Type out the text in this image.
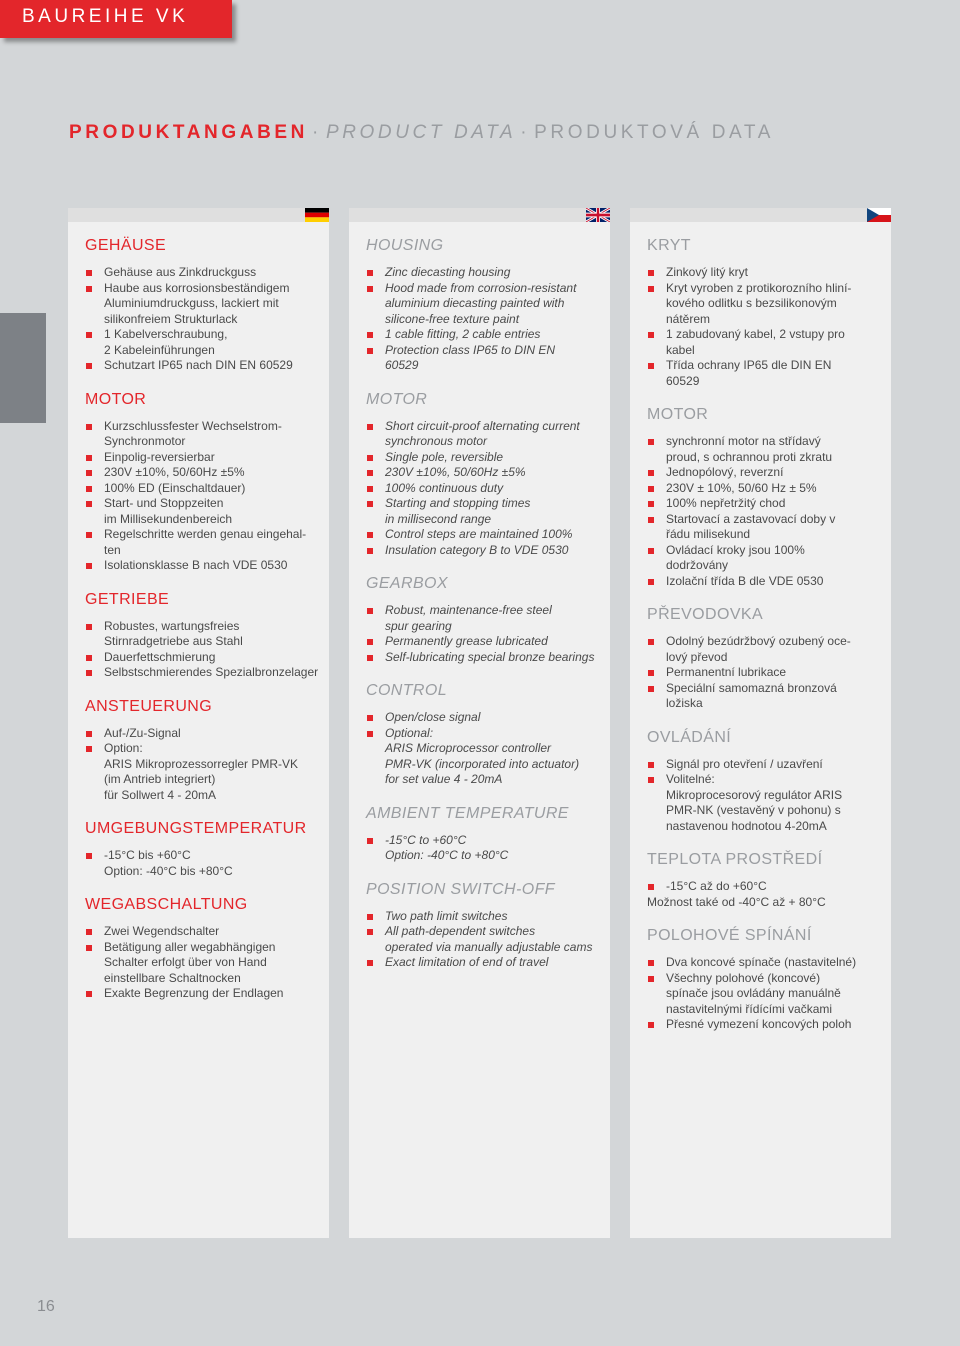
BAUREIHE VK
PRODUKTANGABEN · PRODUCT DATA · PRODUKTOVÁ DATA
GEHÄUSE
Gehäuse aus Zinkdruckguss
Haube aus korrosionsbeständigem
Aluminiumdruckguss, lackiert mit
silikonfreiem Strukturlack
1 Kabelverschraubung,
2 Kabeleinführungen
Schutzart IP65 nach DIN EN 60529
MOTOR
Kurzschlussfester Wechselstrom-
Synchronmotor
Einpolig-reversierbar
230V ±10%, 50/60Hz ±5%
100% ED (Einschaltdauer)
Start- und Stoppzeiten
im Millisekundenbereich
Regelschritte werden genau eingehal-
ten
Isolationsklasse B nach VDE 0530
GETRIEBE
Robustes, wartungsfreies
Stirnradgetriebe aus Stahl
Dauerfettschmierung
Selbstschmierendes Spezialbronzelager
ANSTEUERUNG
Auf-/Zu-Signal
Option:
ARIS Mikroprozessorregler PMR-VK
(im Antrieb integriert)
für Sollwert 4 - 20mA
UMGEBUNGSTEMPERATUR
-15°C bis +60°C
Option: -40°C bis +80°C
WEGABSCHALTUNG
Zwei Wegendschalter
Betätigung aller wegabhängigen
Schalter erfolgt über von Hand
einstellbare Schaltnocken
Exakte Begrenzung der Endlagen
HOUSING
Zinc diecasting housing
Hood made from corrosion-resistant
aluminium diecasting painted with
silicone-free texture paint
1 cable fitting, 2 cable entries
Protection class IP65 to DIN EN
60529
MOTOR
Short circuit-proof alternating current
synchronous motor
Single pole, reversible
230V ±10%, 50/60Hz ±5%
100% continuous duty
Starting and stopping times
in millisecond range
Control steps are maintained 100%
Insulation category B to VDE 0530
GEARBOX
Robust, maintenance-free steel
spur gearing
Permanently grease lubricated
Self-lubricating special bronze bearings
CONTROL
Open/close signal
Optional:
ARIS Microprocessor controller
PMR-VK (incorporated into actuator)
for set value 4 - 20mA
AMBIENT TEMPERATURE
-15°C to +60°C
Option: -40°C to +80°C
POSITION SWITCH-OFF
Two path limit switches
All path-dependent switches
operated via manually adjustable cams
Exact limitation of end of travel
KRYT
Zinkový litý kryt
Kryt vyroben z protikorozního hliní-
kového odlitku s bezsilikonovým
nátěrem
1 zabudovaný kabel, 2 vstupy pro
kabel
Třída ochrany IP65 dle DIN EN
60529
MOTOR
synchronní motor na střídavý
proud, s ochrannou proti zkratu
Jednopólový, reverzní
230V ± 10%, 50/60 Hz ± 5%
100% nepřetržitý chod
Startovací a zastavovací doby v
řádu milisekund
Ovládací kroky jsou 100%
dodržovány
Izolační třída B dle VDE 0530
PŘEVODOVKA
Odolný bezúdržbový ozubený oce-
lový převod
Permanentní lubrikace
Speciální samomazná bronzová
ložiska
OVLÁDÁNÍ
Signál pro otevření / uzavření
Volitelné:
Mikroprocesorový regulátor ARIS
PMR-NK (vestavěný v pohonu) s
nastavenou hodnotou 4-20mA
TEPLOTA PROSTŘEDÍ
-15°C až do +60°C
Možnost také od -40°C až + 80°C
POLOHOVÉ SPÍNÁNÍ
Dva koncové spínače (nastavitelné)
Všechny polohové (koncové)
spínače jsou ovládány manuálně
nastavitelnými řídícími vačkami
Přesné vymezení koncových poloh
16
